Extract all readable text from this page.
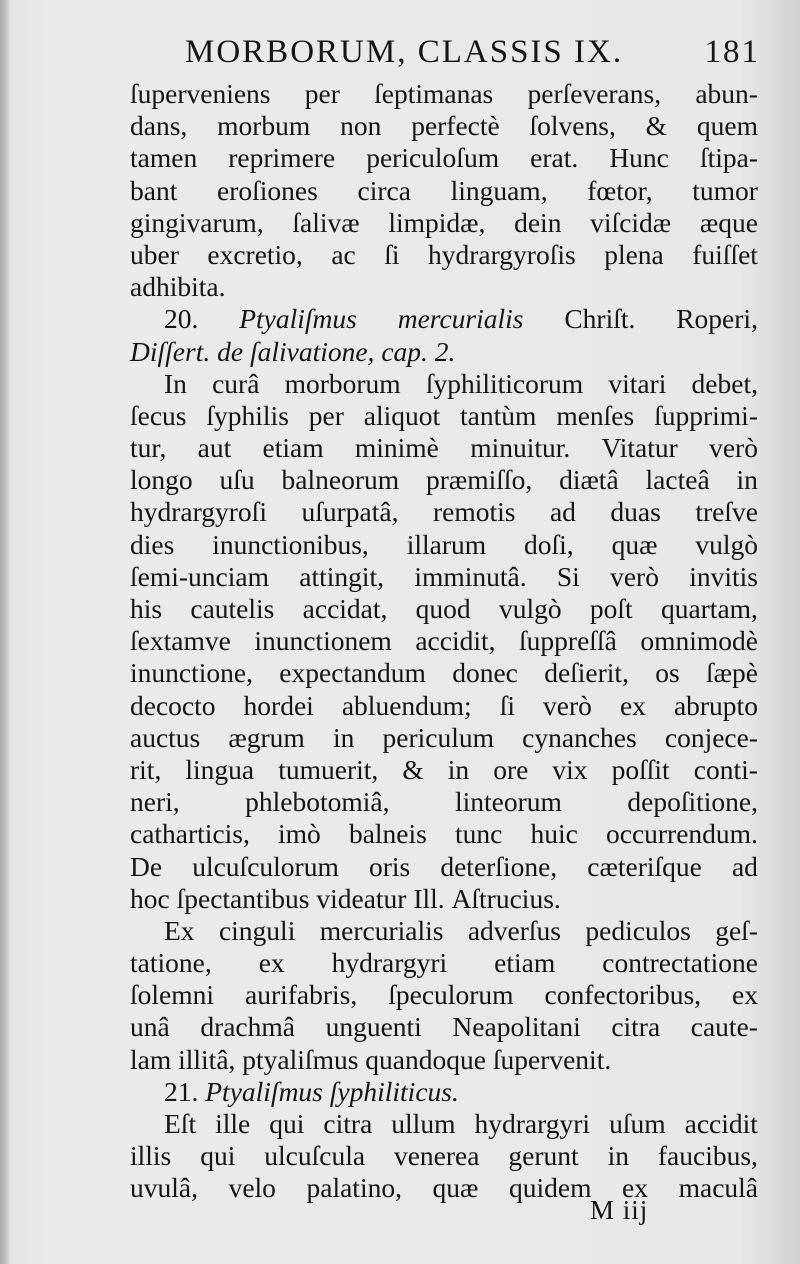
MORBORUM, CLASSIS IX. 181
ſuperveniens per ſeptimanas perſeverans, abun-
dans, morbum non perfectè ſolvens, & quem
tamen reprimere periculoſum erat. Hunc ſtipa-
bant eroſiones circa linguam, fœtor, tumor
gingivarum, ſalivæ limpidæ, dein viſcidæ æque
uber excretio, ac ſi hydrargyroſis plena fuiſſet
adhibita.
20. Ptyaliſmus mercurialis Chriſt. Roperi,
Diſſert. de ſalivatione, cap. 2.
In curâ morborum ſyphiliticorum vitari debet,
ſecus ſyphilis per aliquot tantùm menſes ſupprimi-
tur, aut etiam minimè minuitur. Vitatur verò
longo uſu balneorum præmiſſo, diætâ lacteâ in
hydrargyroſi uſurpatâ, remotis ad duas treſve
dies inunctionibus, illarum doſi, quæ vulgò
ſemi-unciam attingit, imminutâ. Si verò invitis
his cautelis accidat, quod vulgò poſt quartam,
ſextamve inunctionem accidit, ſuppreſſâ omnimodè
inunctione, expectandum donec deſierit, os ſæpè
decocto hordei abluendum; ſi verò ex abrupto
auctus ægrum in periculum cynanches conjece-
rit, lingua tumuerit, & in ore vix poſſit conti-
neri, phlebotomiâ, linteorum depoſitione,
catharticis, imò balneis tunc huic occurrendum.
De ulcuſculorum oris deterſione, cæteriſque ad
hoc ſpectantibus videatur Ill. Aſtrucius.
Ex cinguli mercurialis adverſus pediculos geſ-
tatione, ex hydrargyri etiam contrectatione
ſolemni aurifabris, ſpeculorum confectoribus, ex
unâ drachmâ unguenti Neapolitani citra caute-
lam illitâ, ptyaliſmus quandoque ſupervenit.
21. Ptyaliſmus ſyphiliticus.
Eſt ille qui citra ullum hydrargyri uſum accidit
illis qui ulcuſcula venerea gerunt in faucibus,
uvulâ, velo palatino, quæ quidem ex maculâ
M iij
